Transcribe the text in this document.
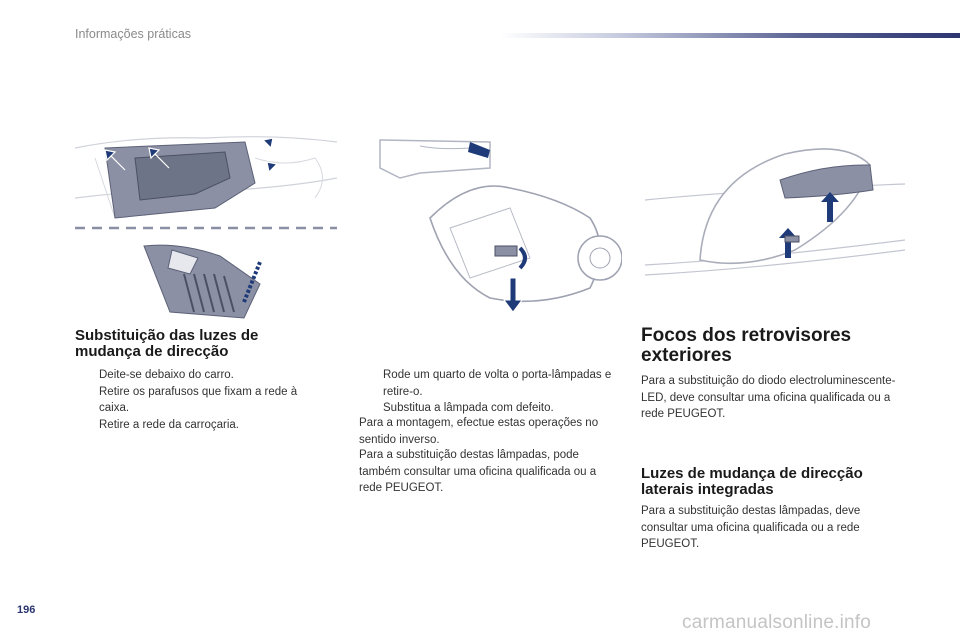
Informações práticas
Substituição das luzes de mudança de direcção
Deite-se debaixo do carro.
Retire os parafusos que fixam a rede à caixa.
Retire a rede da carroçaria.
Rode um quarto de volta o porta-lâmpadas e retire-o.
Substitua a lâmpada com defeito.

Para a montagem, efectue estas operações no sentido inverso.

Para a substituição destas lâmpadas, pode também consultar uma oficina qualificada ou a rede PEUGEOT.

Focos dos retrovisores exteriores

Para a substituição do diodo electroluminescente-LED, deve consultar uma oficina qualificada ou a rede PEUGEOT.

Luzes de mudança de direcção laterais integradas

Para a substituição destas lâmpadas, deve consultar uma oficina qualificada ou a rede PEUGEOT.

196
carmanualsonline.info
